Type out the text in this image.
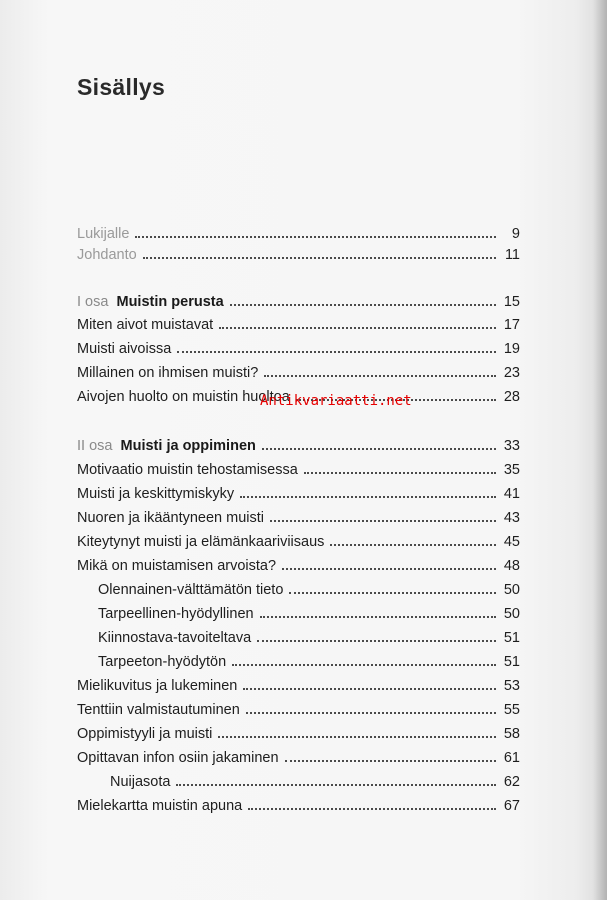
Sisällys
Lukijalle	9
Johdanto	11
I osa Muistin perusta	15
Miten aivot muistavat	17
Muisti aivoissa	19
Millainen on ihmisen muisti?	23
Aivojen huolto on muistin huoltoa	28
II osa Muisti ja oppiminen	33
Motivaatio muistin tehostamisessa	35
Muisti ja keskittymiskyky	41
Nuoren ja ikääntyneen muisti	43
Kiteytynyt muisti ja elämänkaariviisaus	45
Mikä on muistamisen arvoista?	48
Olennainen-välttämätön tieto	50
Tarpeellinen-hyödyllinen	50
Kiinnostava-tavoiteltava	51
Tarpeeton-hyödytön	51
Mielikuvitus ja lukeminen	53
Tenttiin valmistautuminen	55
Oppimistyyli ja muisti	58
Opittavan infon osiin jakaminen	61
Nuijasota	62
Mielekartta muistin apuna	67
Antikvariaatti.net
